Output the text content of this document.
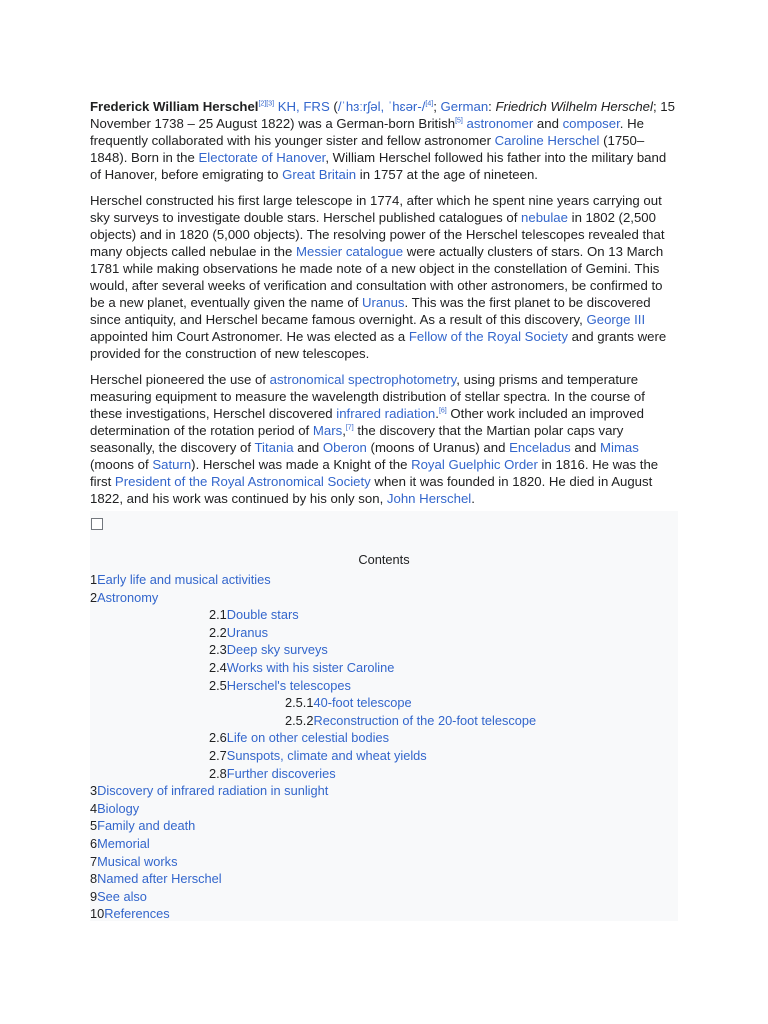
Frederick William Herschel[2][3] KH, FRS (/ˈhɜːrʃəl, ˈhɛər-/[4]; German: Friedrich Wilhelm Herschel; 15 November 1738 – 25 August 1822) was a German-born British[5] astronomer and composer. He frequently collaborated with his younger sister and fellow astronomer Caroline Herschel (1750–1848). Born in the Electorate of Hanover, William Herschel followed his father into the military band of Hanover, before emigrating to Great Britain in 1757 at the age of nineteen.

Herschel constructed his first large telescope in 1774, after which he spent nine years carrying out sky surveys to investigate double stars. Herschel published catalogues of nebulae in 1802 (2,500 objects) and in 1820 (5,000 objects). The resolving power of the Herschel telescopes revealed that many objects called nebulae in the Messier catalogue were actually clusters of stars. On 13 March 1781 while making observations he made note of a new object in the constellation of Gemini. This would, after several weeks of verification and consultation with other astronomers, be confirmed to be a new planet, eventually given the name of Uranus. This was the first planet to be discovered since antiquity, and Herschel became famous overnight. As a result of this discovery, George III appointed him Court Astronomer. He was elected as a Fellow of the Royal Society and grants were provided for the construction of new telescopes.

Herschel pioneered the use of astronomical spectrophotometry, using prisms and temperature measuring equipment to measure the wavelength distribution of stellar spectra. In the course of these investigations, Herschel discovered infrared radiation.[6] Other work included an improved determination of the rotation period of Mars,[7] the discovery that the Martian polar caps vary seasonally, the discovery of Titania and Oberon (moons of Uranus) and Enceladus and Mimas (moons of Saturn). Herschel was made a Knight of the Royal Guelphic Order in 1816. He was the first President of the Royal Astronomical Society when it was founded in 1820. He died in August 1822, and his work was continued by his only son, John Herschel.

Contents
1Early life and musical activities
2Astronomy
2.1Double stars
2.2Uranus
2.3Deep sky surveys
2.4Works with his sister Caroline
2.5Herschel's telescopes
2.5.140-foot telescope
2.5.2Reconstruction of the 20-foot telescope
2.6Life on other celestial bodies
2.7Sunspots, climate and wheat yields
2.8Further discoveries
3Discovery of infrared radiation in sunlight
4Biology
5Family and death
6Memorial
7Musical works
8Named after Herschel
9See also
10References
